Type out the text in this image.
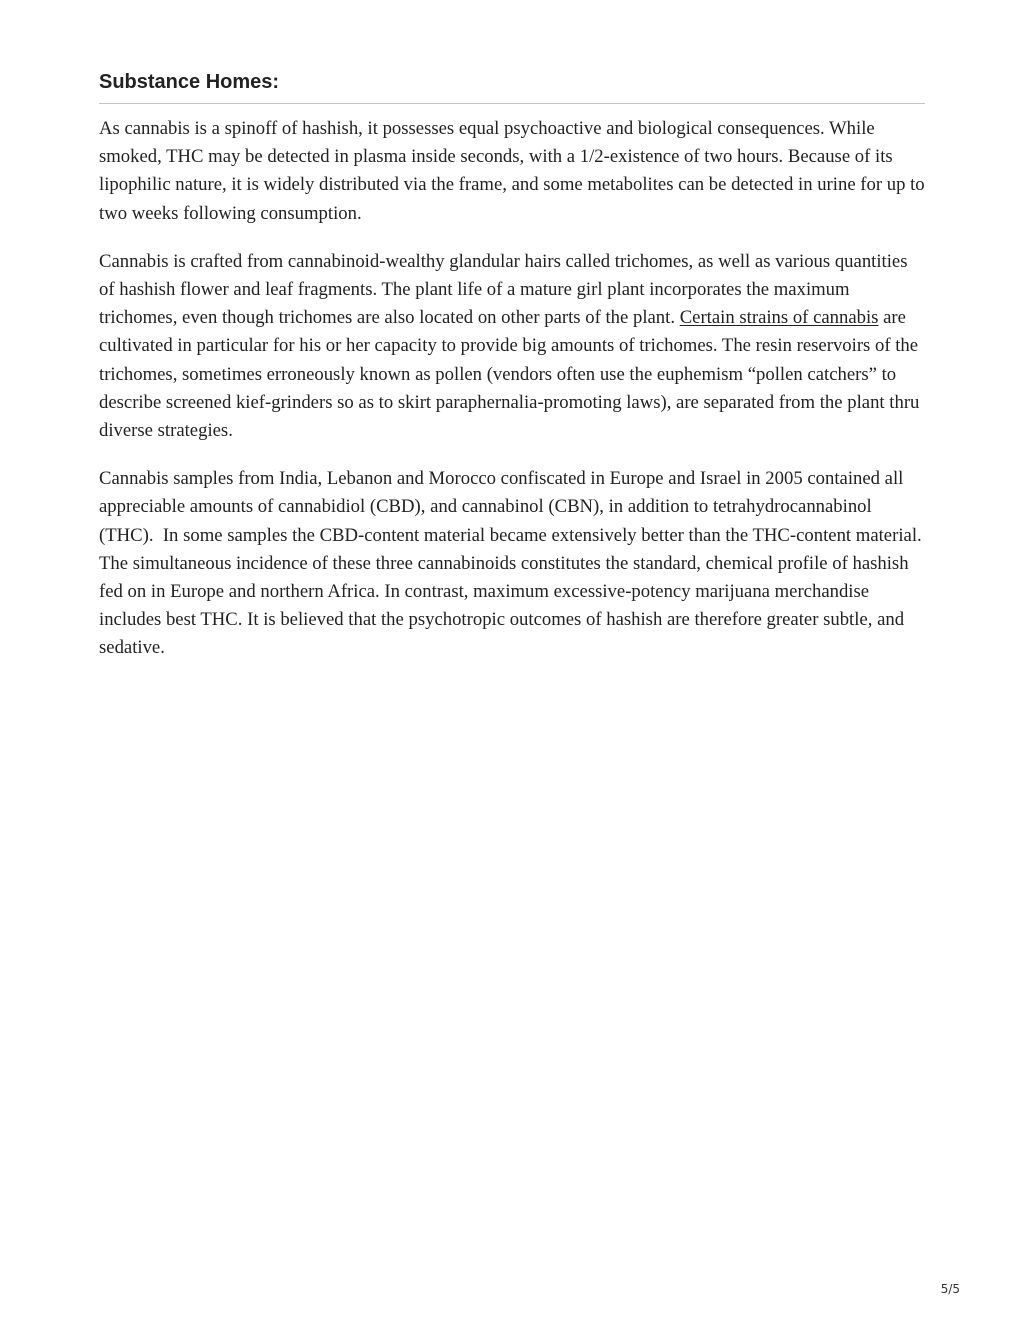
Substance Homes:

As cannabis is a spinoff of hashish, it possesses equal psychoactive and biological consequences. While smoked, THC may be detected in plasma inside seconds, with a 1/2-existence of two hours. Because of its lipophilic nature, it is widely distributed via the frame, and some metabolites can be detected in urine for up to two weeks following consumption.

Cannabis is crafted from cannabinoid-wealthy glandular hairs called trichomes, as well as various quantities of hashish flower and leaf fragments. The plant life of a mature girl plant incorporates the maximum trichomes, even though trichomes are also located on other parts of the plant. Certain strains of cannabis are cultivated in particular for his or her capacity to provide big amounts of trichomes. The resin reservoirs of the trichomes, sometimes erroneously known as pollen (vendors often use the euphemism “pollen catchers” to describe screened kief-grinders so as to skirt paraphernalia-promoting laws), are separated from the plant thru diverse strategies.

Cannabis samples from India, Lebanon and Morocco confiscated in Europe and Israel in 2005 contained all appreciable amounts of cannabidiol (CBD), and cannabinol (CBN), in addition to tetrahydrocannabinol (THC).  In some samples the CBD-content material became extensively better than the THC-content material. The simultaneous incidence of these three cannabinoids constitutes the standard, chemical profile of hashish fed on in Europe and northern Africa. In contrast, maximum excessive-potency marijuana merchandise includes best THC. It is believed that the psychotropic outcomes of hashish are therefore greater subtle, and sedative.

5/5
